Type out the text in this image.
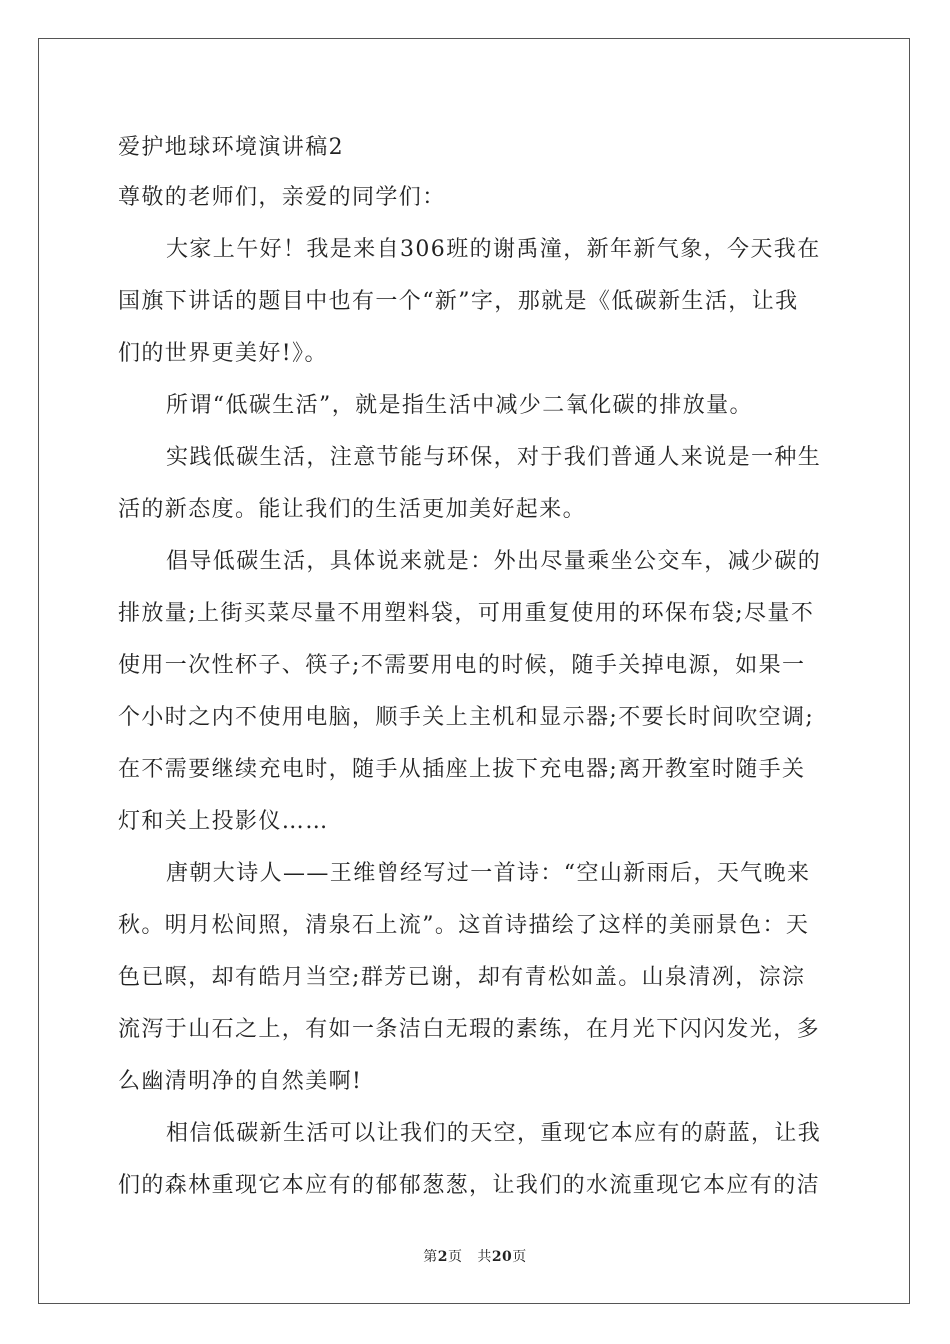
爱护地球环境演讲稿2
尊敬的老师们，亲爱的同学们：
大家上午好！我是来自306班的谢禹潼，新年新气象，今天我在
国旗下讲话的题目中也有一个“新”字，那就是《低碳新生活，让我
们的世界更美好!》。
所谓“低碳生活”，就是指生活中减少二氧化碳的排放量。
实践低碳生活，注意节能与环保，对于我们普通人来说是一种生
活的新态度。能让我们的生活更加美好起来。
倡导低碳生活，具体说来就是：外出尽量乘坐公交车，减少碳的
排放量;上街买菜尽量不用塑料袋，可用重复使用的环保布袋;尽量不
使用一次性杯子、筷子;不需要用电的时候，随手关掉电源，如果一
个小时之内不使用电脑，顺手关上主机和显示器;不要长时间吹空调;
在不需要继续充电时，随手从插座上拔下充电器;离开教室时随手关
灯和关上投影仪……
唐朝大诗人——王维曾经写过一首诗：“空山新雨后，天气晚来
秋。明月松间照，清泉石上流”。这首诗描绘了这样的美丽景色：天
色已暝，却有皓月当空;群芳已谢，却有青松如盖。山泉清冽，淙淙
流泻于山石之上，有如一条洁白无瑕的素练，在月光下闪闪发光，多
么幽清明净的自然美啊!
相信低碳新生活可以让我们的天空，重现它本应有的蔚蓝，让我
们的森林重现它本应有的郁郁葱葱，让我们的水流重现它本应有的洁
第2页 共20页
